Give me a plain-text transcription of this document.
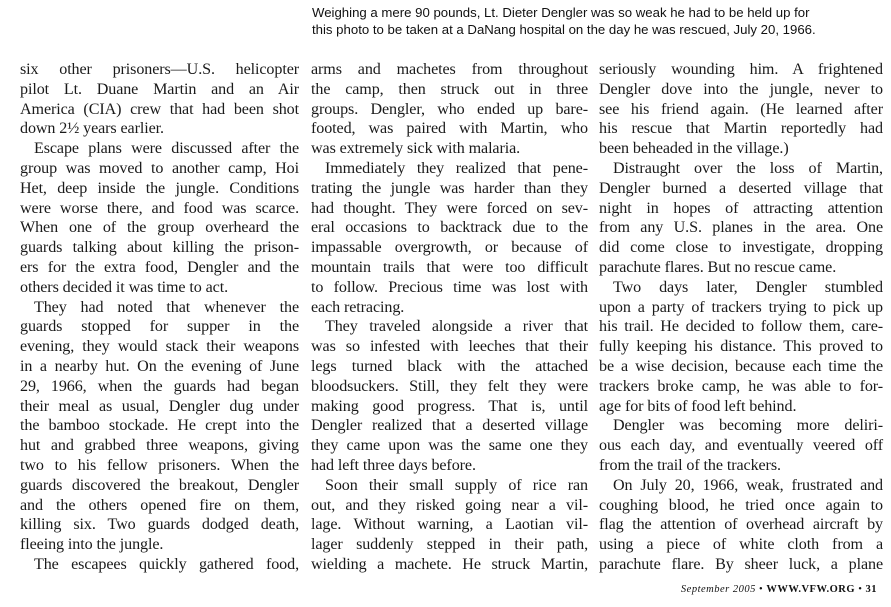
Weighing a mere 90 pounds, Lt. Dieter Dengler was so weak he had to be held up for

this photo to be taken at a DaNang hospital on the day he was rescued, July 20, 1966.

six other prisoners—U.S. helicopter
pilot Lt. Duane Martin and an Air
America (CIA) crew that had been shot
down 2½ years earlier.
Escape plans were discussed after the
group was moved to another camp, Hoi
Het, deep inside the jungle. Conditions
were worse there, and food was scarce.
When one of the group overheard the
guards talking about killing the prison-
ers for the extra food, Dengler and the
others decided it was time to act.
They had noted that whenever the
guards stopped for supper in the
evening, they would stack their weapons
in a nearby hut. On the evening of June
29, 1966, when the guards had began
their meal as usual, Dengler dug under
the bamboo stockade. He crept into the
hut and grabbed three weapons, giving
two to his fellow prisoners. When the
guards discovered the breakout, Dengler
and the others opened fire on them,
killing six. Two guards dodged death,
fleeing into the jungle.
The escapees quickly gathered food,
arms and machetes from throughout
the camp, then struck out in three
groups. Dengler, who ended up bare-
footed, was paired with Martin, who
was extremely sick with malaria.
Immediately they realized that pene-
trating the jungle was harder than they
had thought. They were forced on sev-
eral occasions to backtrack due to the
impassable overgrowth, or because of
mountain trails that were too difficult
to follow. Precious time was lost with
each retracing.
They traveled alongside a river that
was so infested with leeches that their
legs turned black with the attached
bloodsuckers. Still, they felt they were
making good progress. That is, until
Dengler realized that a deserted village
they came upon was the same one they
had left three days before.
Soon their small supply of rice ran
out, and they risked going near a vil-
lage. Without warning, a Laotian vil-
lager suddenly stepped in their path,
wielding a machete. He struck Martin,
seriously wounding him. A frightened
Dengler dove into the jungle, never to
see his friend again. (He learned after
his rescue that Martin reportedly had
been beheaded in the village.)
Distraught over the loss of Martin,
Dengler burned a deserted village that
night in hopes of attracting attention
from any U.S. planes in the area. One
did come close to investigate, dropping
parachute flares. But no rescue came.
Two days later, Dengler stumbled
upon a party of trackers trying to pick up
his trail. He decided to follow them, care-
fully keeping his distance. This proved to
be a wise decision, because each time the
trackers broke camp, he was able to for-
age for bits of food left behind.
Dengler was becoming more deliri-
ous each day, and eventually veered off
from the trail of the trackers.
On July 20, 1966, weak, frustrated and
coughing blood, he tried once again to
flag the attention of overhead aircraft by
using a piece of white cloth from a
parachute flare. By sheer luck, a plane
September 2005 • WWW.VFW.ORG • 31
